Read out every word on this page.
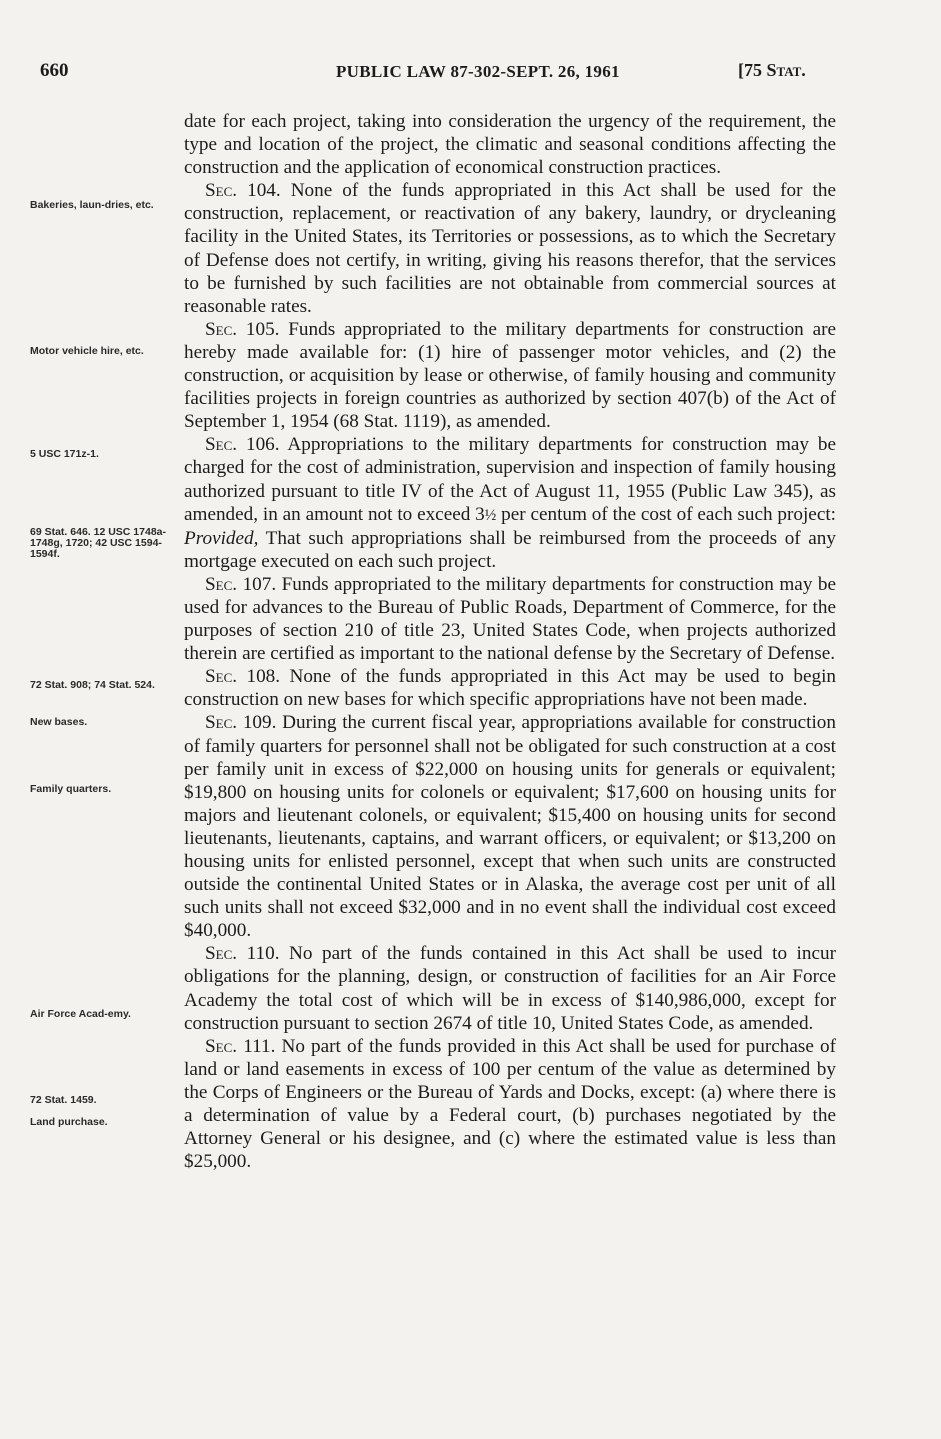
660	PUBLIC LAW 87-302-SEPT. 26, 1961	[75 Stat.
Bakeries, laun-dries, etc.
Motor vehicle hire, etc.
5 USC 171z-1.
69 Stat. 646. 12 USC 1748a-1748g, 1720; 42 USC 1594-1594f.
72 Stat. 908; 74 Stat. 524.
New bases.
Family quarters.
Air Force Acad-emy.
72 Stat. 1459.
Land purchase.

date for each project, taking into consideration the urgency of the requirement, the type and location of the project, the climatic and seasonal conditions affecting the construction and the application of economical construction practices.

Sec. 104. None of the funds appropriated in this Act shall be used for the construction, replacement, or reactivation of any bakery, laundry, or drycleaning facility in the United States, its Territories or possessions, as to which the Secretary of Defense does not certify, in writing, giving his reasons therefor, that the services to be furnished by such facilities are not obtainable from commercial sources at reasonable rates.

Sec. 105. Funds appropriated to the military departments for construction are hereby made available for: (1) hire of passenger motor vehicles, and (2) the construction, or acquisition by lease or otherwise, of family housing and community facilities projects in foreign countries as authorized by section 407(b) of the Act of September 1, 1954 (68 Stat. 1119), as amended.

Sec. 106. Appropriations to the military departments for construction may be charged for the cost of administration, supervision and inspection of family housing authorized pursuant to title IV of the Act of August 11, 1955 (Public Law 345), as amended, in an amount not to exceed 3½ per centum of the cost of each such project: Provided, That such appropriations shall be reimbursed from the proceeds of any mortgage executed on each such project.

Sec. 107. Funds appropriated to the military departments for construction may be used for advances to the Bureau of Public Roads, Department of Commerce, for the purposes of section 210 of title 23, United States Code, when projects authorized therein are certified as important to the national defense by the Secretary of Defense.

Sec. 108. None of the funds appropriated in this Act may be used to begin construction on new bases for which specific appropriations have not been made.

Sec. 109. During the current fiscal year, appropriations available for construction of family quarters for personnel shall not be obligated for such construction at a cost per family unit in excess of $22,000 on housing units for generals or equivalent; $19,800 on housing units for colonels or equivalent; $17,600 on housing units for majors and lieutenant colonels, or equivalent; $15,400 on housing units for second lieutenants, lieutenants, captains, and warrant officers, or equivalent; or $13,200 on housing units for enlisted personnel, except that when such units are constructed outside the continental United States or in Alaska, the average cost per unit of all such units shall not exceed $32,000 and in no event shall the individual cost exceed $40,000.

Sec. 110. No part of the funds contained in this Act shall be used to incur obligations for the planning, design, or construction of facilities for an Air Force Academy the total cost of which will be in excess of $140,986,000, except for construction pursuant to section 2674 of title 10, United States Code, as amended.

Sec. 111. No part of the funds provided in this Act shall be used for purchase of land or land easements in excess of 100 per centum of the value as determined by the Corps of Engineers or the Bureau of Yards and Docks, except: (a) where there is a determination of value by a Federal court, (b) purchases negotiated by the Attorney General or his designee, and (c) where the estimated value is less than $25,000.
